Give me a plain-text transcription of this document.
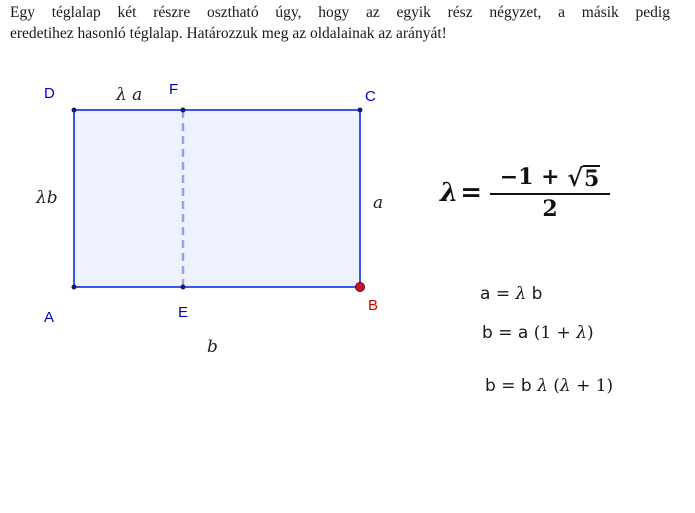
Egy téglalap két részre osztható úgy, hogy az egyik rész négyzet, a másik pedig
eredetihez hasonló téglalap. Határozzuk meg az oldalainak az arányát!
D	F	C
A	E	B
λ a
λb	a
b
$\lambda = \frac{-1 + √ 5}{2}$
a = λ b
b = a (1 + λ)
b = b λ (λ + 1)
